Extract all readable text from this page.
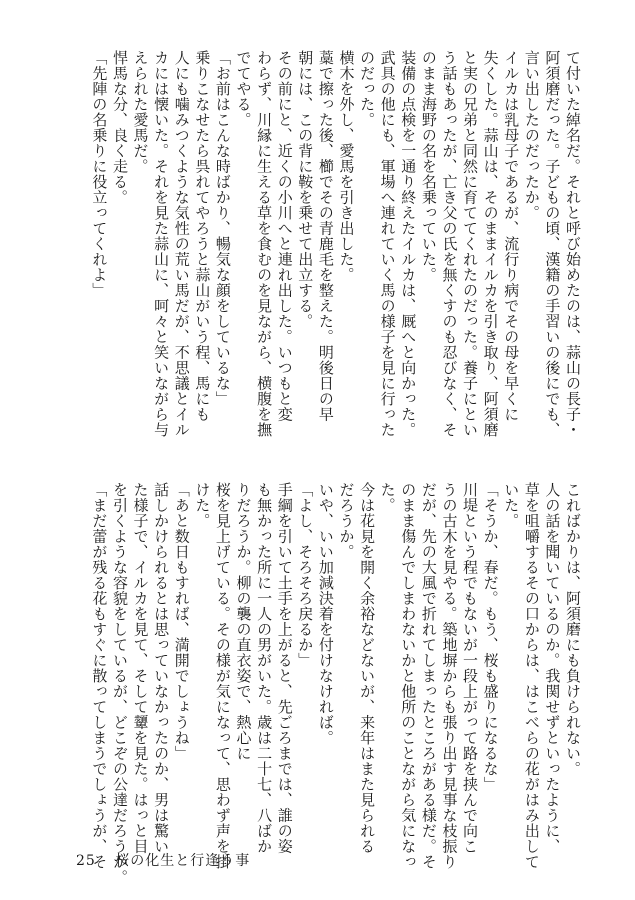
て付いた綽名だ。それと呼び始めたのは、蒜山の長子・
阿須磨だった。子どもの頃、漢籍の手習いの後にでも、
言い出したのだったか。
イルカは乳母子であるが、流行り病でその母を早くに
失くした。蒜山は、そのままイルカを引き取り、阿須磨
と実の兄弟と同然に育ててくれたのだった。養子にとい
う話もあったが、亡き父の氏を無くすのも忍びなく、そ
のまま海野の名を名乗っていた。
装備の点検を一通り終えたイルカは、厩へと向かった。
武具の他にも、軍場へ連れていく馬の様子を見に行った
のだった。
横木を外し、愛馬を引き出した。
藁で擦った後、櫛でその青鹿毛を整えた。明後日の早
朝には、この背に鞍を乗せて出立する。
その前にと、近くの小川へと連れ出した。いつもと変
わらず、川縁に生える草を食むのを見ながら、横腹を撫
でてやる。
「お前はこんな時ばかり、暢気な顔をしているな」
乗りこなせたら呉れてやろうと蒜山がいう程、馬にも
人にも噛みつくような気性の荒い馬だが、不思議とイル
カには懐いた。それを見た蒜山に、呵々と笑いながら与
えられた愛馬だ。
悍馬な分、良く走る。
「先陣の名乗りに役立ってくれよ」
こればかりは、阿須磨にも負けられない。
人の話を聞いているのか。我関せずといったように、
草を咀嚼するその口からは、はこべらの花がはみ出して
いた。
「そうか、春だ。もう、桜も盛りになるな」
川堤という程でもないが一段上がって路を挟んで向こ
うの古木を見やる。築地塀からも張り出す見事な枝振り
だが、先の大風で折れてしまったところがある様だ。そ
のまま傷んでしまわないかと他所のことながら気になっ
た。
今は花見を開く余裕などないが、来年はまた見られる
だろうか。
いや、いい加減決着を付けなければ。
「よし、そろそろ戻るか」
手綱を引いて土手を上がると、先ごろまでは、誰の姿
も無かった所に一人の男がいた。歳は二十七、八ばか
りだろうか。柳の襲の直衣姿で、熱心に
桜を見上げている。その様が気になって、思わず声を掛
けた。
「あと数日もすれば、満開でしょうね」
話しかけられるとは思っていなかったのか、男は驚い
た様子で、イルカを見て、そして顰を見た。はっと目
を引くような容貌をしているが、どこぞの公達だろうか。
「まだ蕾が残る花もすぐに散ってしまうでしょうが、そ
25 桜の化生と行逢う事
